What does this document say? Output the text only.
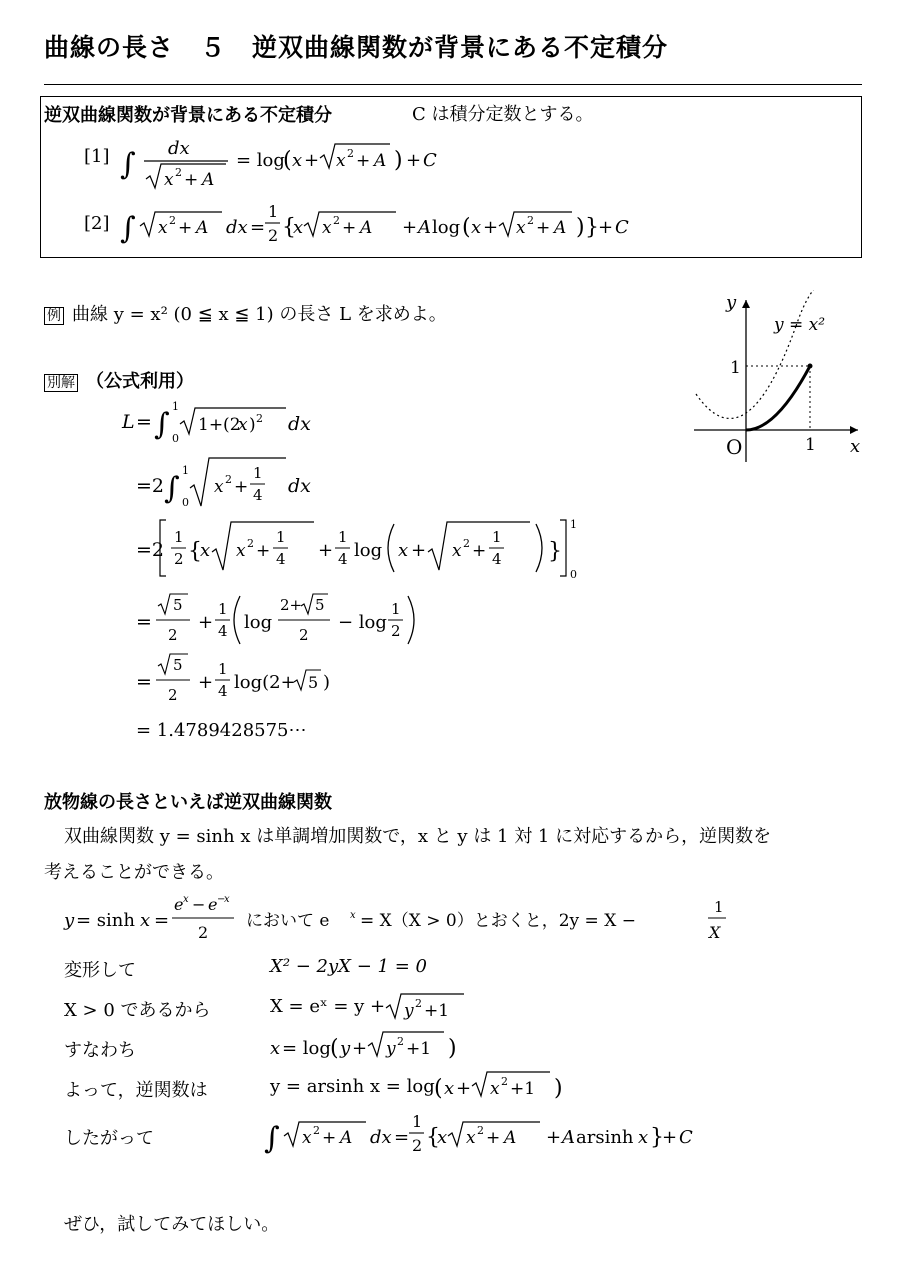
曲線の長さ　５　逆双曲線関数が背景にある不定積分
逆双曲線関数が背景にある不定積分	C は積分定数とする。
[1] ∫ dx
x 2 + A
= log
( x + x 2 + A ) + C
[2] ∫ x 2 + A dx =
1
2 {
x x 2 + A + A log ( x + x 2 + A ) } + C
例 曲線 y = x² (0 ≦ x ≦ 1) の長さ L を求めよ。
y
x
y = x²
O	1
1
別解 （公式利用）
L = ∫
1
0
1+(2
x ) 2 dx
=2 ∫
1
0
x 2 +
1
4 dx
=2
1
2 {
x x 2 +
1
4 +
1
4 log x + x 2 +
1
4 }
1
0
=
5
2
+
1
4 log
2+ 5
2
− log
1
2
=
5
2
+
1
4 log(2+ 5 )
= 1.4789428575⋯
放物線の長さといえば逆双曲線関数
双曲線関数 y = sinh x は単調増加関数で，x と y は 1 対 1 に対応するから，逆関数を
考えることができる。
y = sinh x =
e x − e −
x
2
において e x = X（X > 0）とおくと，2y = X −
1
X
変形して	X² − 2yX − 1 = 0
X > 0 であるから	X = eˣ = y + y 2 +1
すなわち	x = log ( y + y 2 +1 )
よって，逆関数は	y = arsinh x = log ( x + x 2 +1 )
したがって	∫ x 2 + A dx =
1
2 {
x x 2 + A + A arsinh x }
+ C
ぜひ，試してみてほしい。
